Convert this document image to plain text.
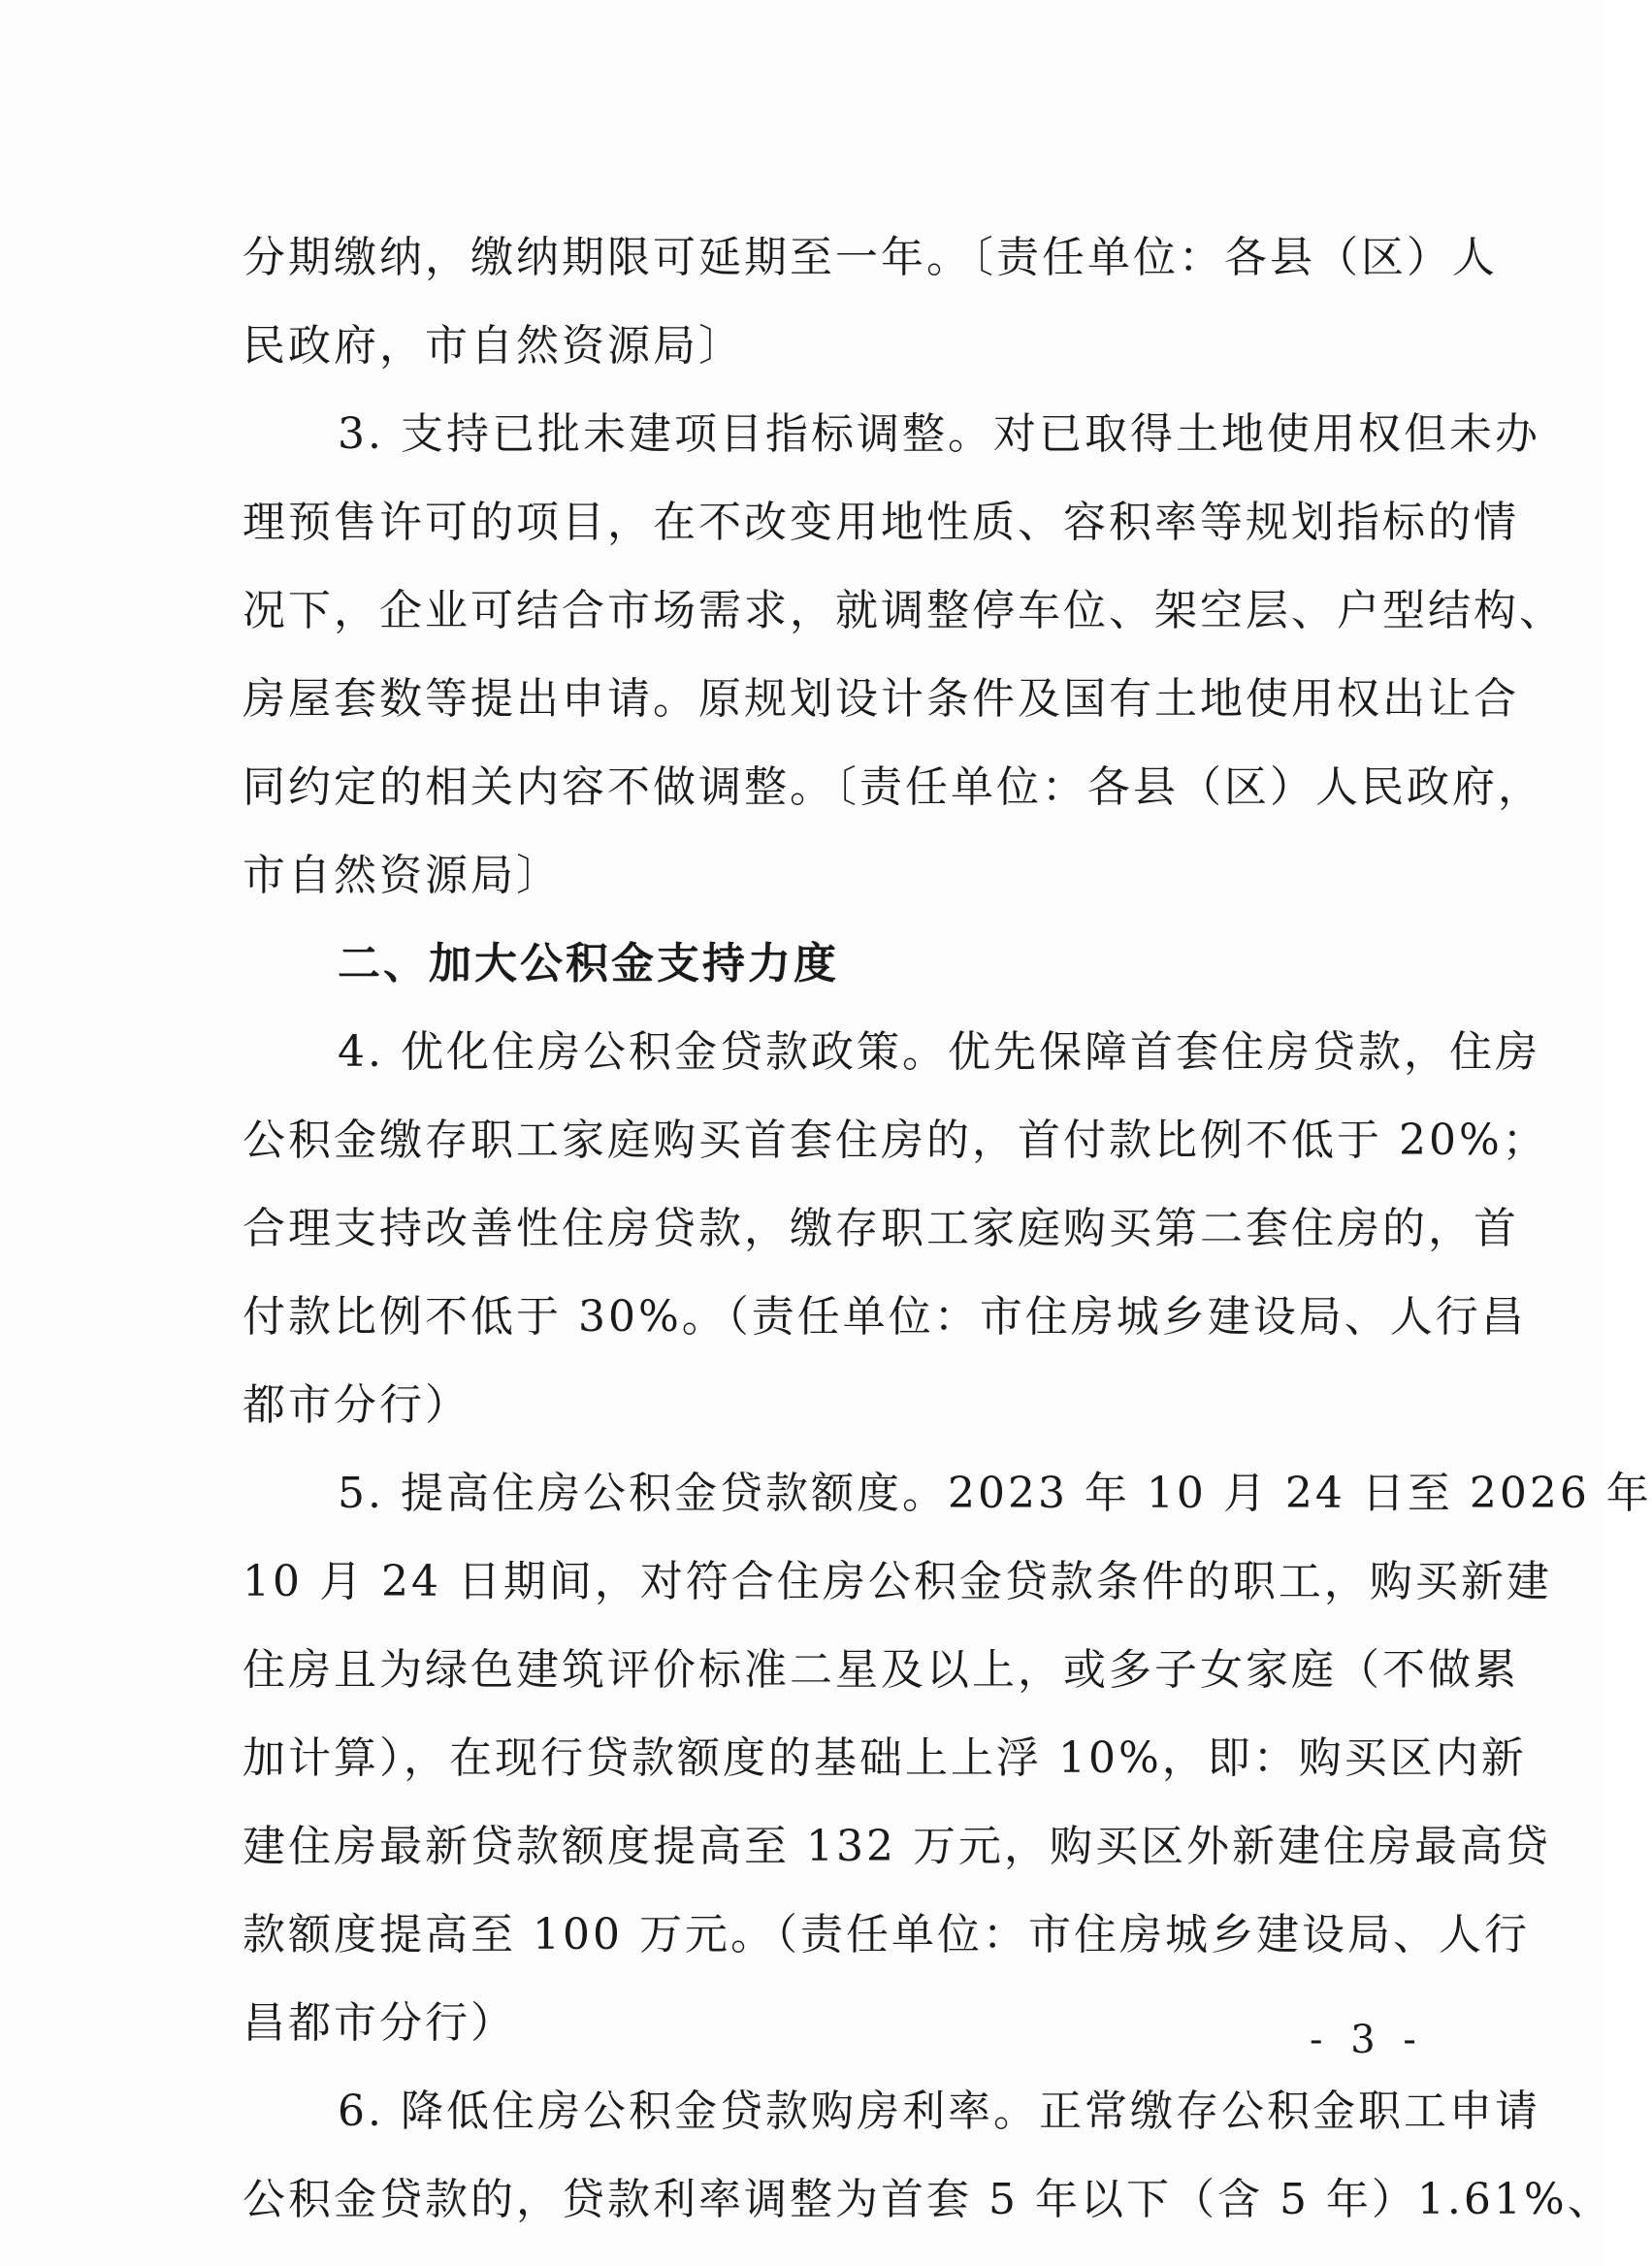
分期缴纳，缴纳期限可延期至一年。〔责任单位：各县（区）人
民政府，市自然资源局〕
3. 支持已批未建项目指标调整。对已取得土地使用权但未办
理预售许可的项目，在不改变用地性质、容积率等规划指标的情
况下，企业可结合市场需求，就调整停车位、架空层、户型结构、
房屋套数等提出申请。原规划设计条件及国有土地使用权出让合
同约定的相关内容不做调整。〔责任单位：各县（区）人民政府，
市自然资源局〕
二、加大公积金支持力度
4. 优化住房公积金贷款政策。优先保障首套住房贷款，住房
公积金缴存职工家庭购买首套住房的，首付款比例不低于 20%；
合理支持改善性住房贷款，缴存职工家庭购买第二套住房的，首
付款比例不低于 30%。（责任单位：市住房城乡建设局、人行昌
都市分行）
5. 提高住房公积金贷款额度。2023 年 10 月 24 日至 2026 年
10 月 24 日期间，对符合住房公积金贷款条件的职工，购买新建
住房且为绿色建筑评价标准二星及以上，或多子女家庭（不做累
加计算），在现行贷款额度的基础上上浮 10%，即：购买区内新
建住房最新贷款额度提高至 132 万元，购买区外新建住房最高贷
款额度提高至 100 万元。（责任单位：市住房城乡建设局、人行
昌都市分行）
6. 降低住房公积金贷款购房利率。正常缴存公积金职工申请
公积金贷款的，贷款利率调整为首套 5 年以下（含 5 年）1.61%、
- 3 -
